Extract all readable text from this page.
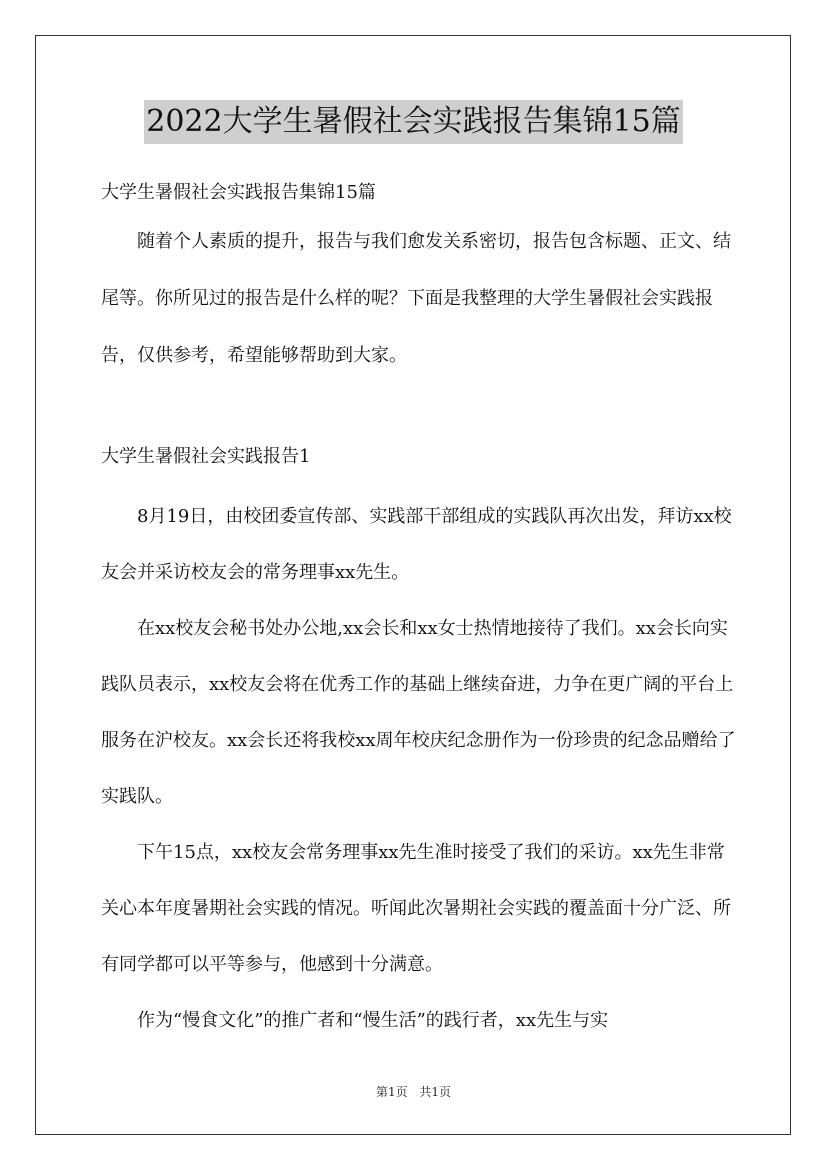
2022大学生暑假社会实践报告集锦15篇

大学生暑假社会实践报告集锦15篇

随着个人素质的提升，报告与我们愈发关系密切，报告包含标题、正文、结尾等。你所见过的报告是什么样的呢？下面是我整理的大学生暑假社会实践报告，仅供参考，希望能够帮助到大家。

大学生暑假社会实践报告1

8月19日，由校团委宣传部、实践部干部组成的实践队再次出发，拜访xx校友会并采访校友会的常务理事xx先生。

在xx校友会秘书处办公地,xx会长和xx女士热情地接待了我们。xx会长向实践队员表示，xx校友会将在优秀工作的基础上继续奋进，力争在更广阔的平台上服务在沪校友。xx会长还将我校xx周年校庆纪念册作为一份珍贵的纪念品赠给了实践队。

下午15点，xx校友会常务理事xx先生准时接受了我们的采访。xx先生非常关心本年度暑期社会实践的情况。听闻此次暑期社会实践的覆盖面十分广泛、所有同学都可以平等参与，他感到十分满意。

作为“慢食文化”的推广者和“慢生活”的践行者，xx先生与实

第1页 共1页
